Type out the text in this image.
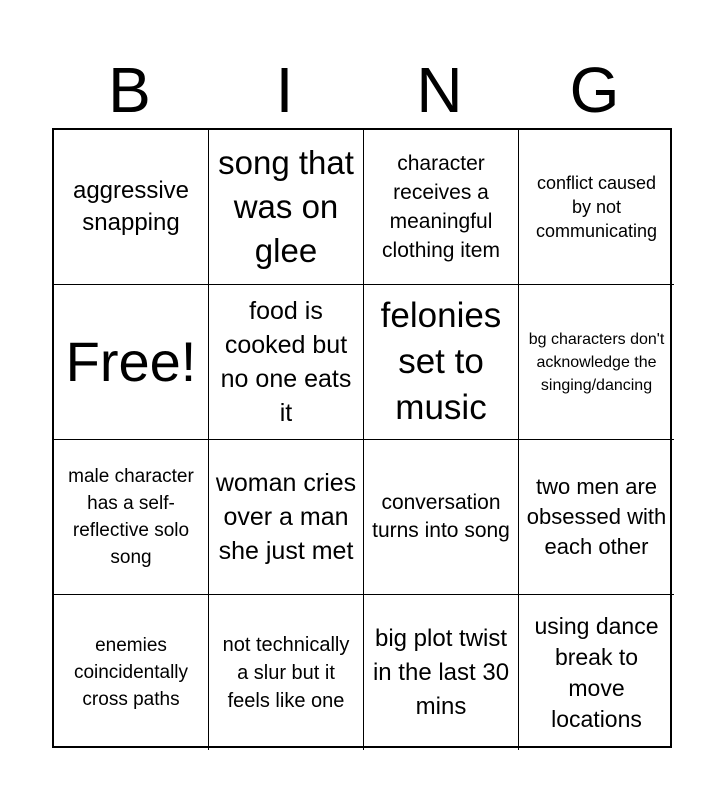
B	I	N	G
aggressive snapping
song that was on glee
character receives a meaningful clothing item
conflict caused by not communicating
Free!
food is cooked but no one eats it
felonies set to music
bg characters don't acknowledge the singing/dancing
male character has a self-reflective solo song
woman cries over a man she just met
conversation turns into song
two men are obsessed with each other
enemies coincidentally cross paths
not technically a slur but it feels like one
big plot twist in the last 30 mins
using dance break to move locations
